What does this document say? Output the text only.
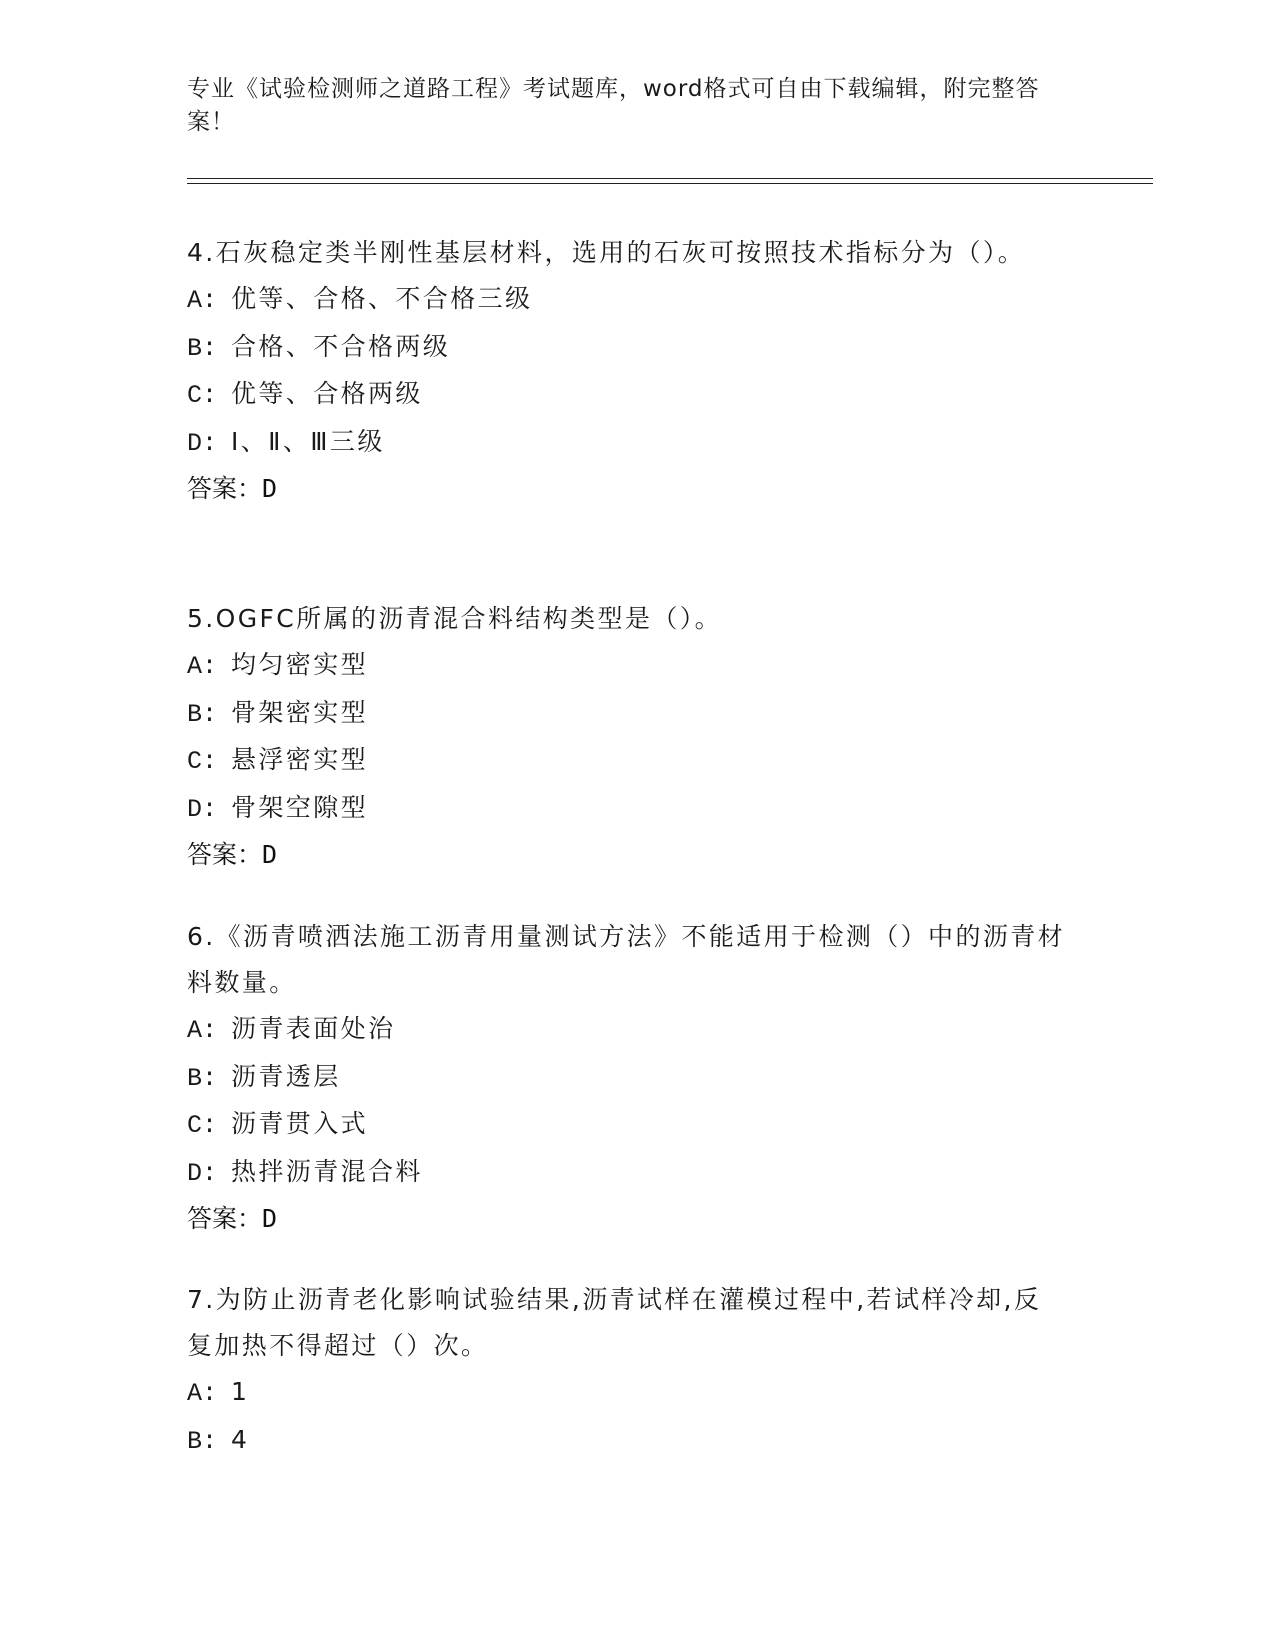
专业《试验检测师之道路工程》考试题库，word格式可自由下载编辑，附完整答案！

4.石灰稳定类半刚性基层材料，选用的石灰可按照技术指标分为（）。

A: 优等、合格、不合格三级
B: 合格、不合格两级
C: 优等、合格两级
D: Ⅰ、Ⅱ、Ⅲ三级
答案：D

5.OGFC所属的沥青混合料结构类型是（）。

A: 均匀密实型
B: 骨架密实型
C: 悬浮密实型
D: 骨架空隙型
答案：D

6.《沥青喷洒法施工沥青用量测试方法》不能适用于检测（）中的沥青材料数量。

A: 沥青表面处治
B: 沥青透层
C: 沥青贯入式
D: 热拌沥青混合料
答案：D

7.为防止沥青老化影响试验结果,沥青试样在灌模过程中,若试样冷却,反复加热不得超过（）次。

A: 1
B: 4
